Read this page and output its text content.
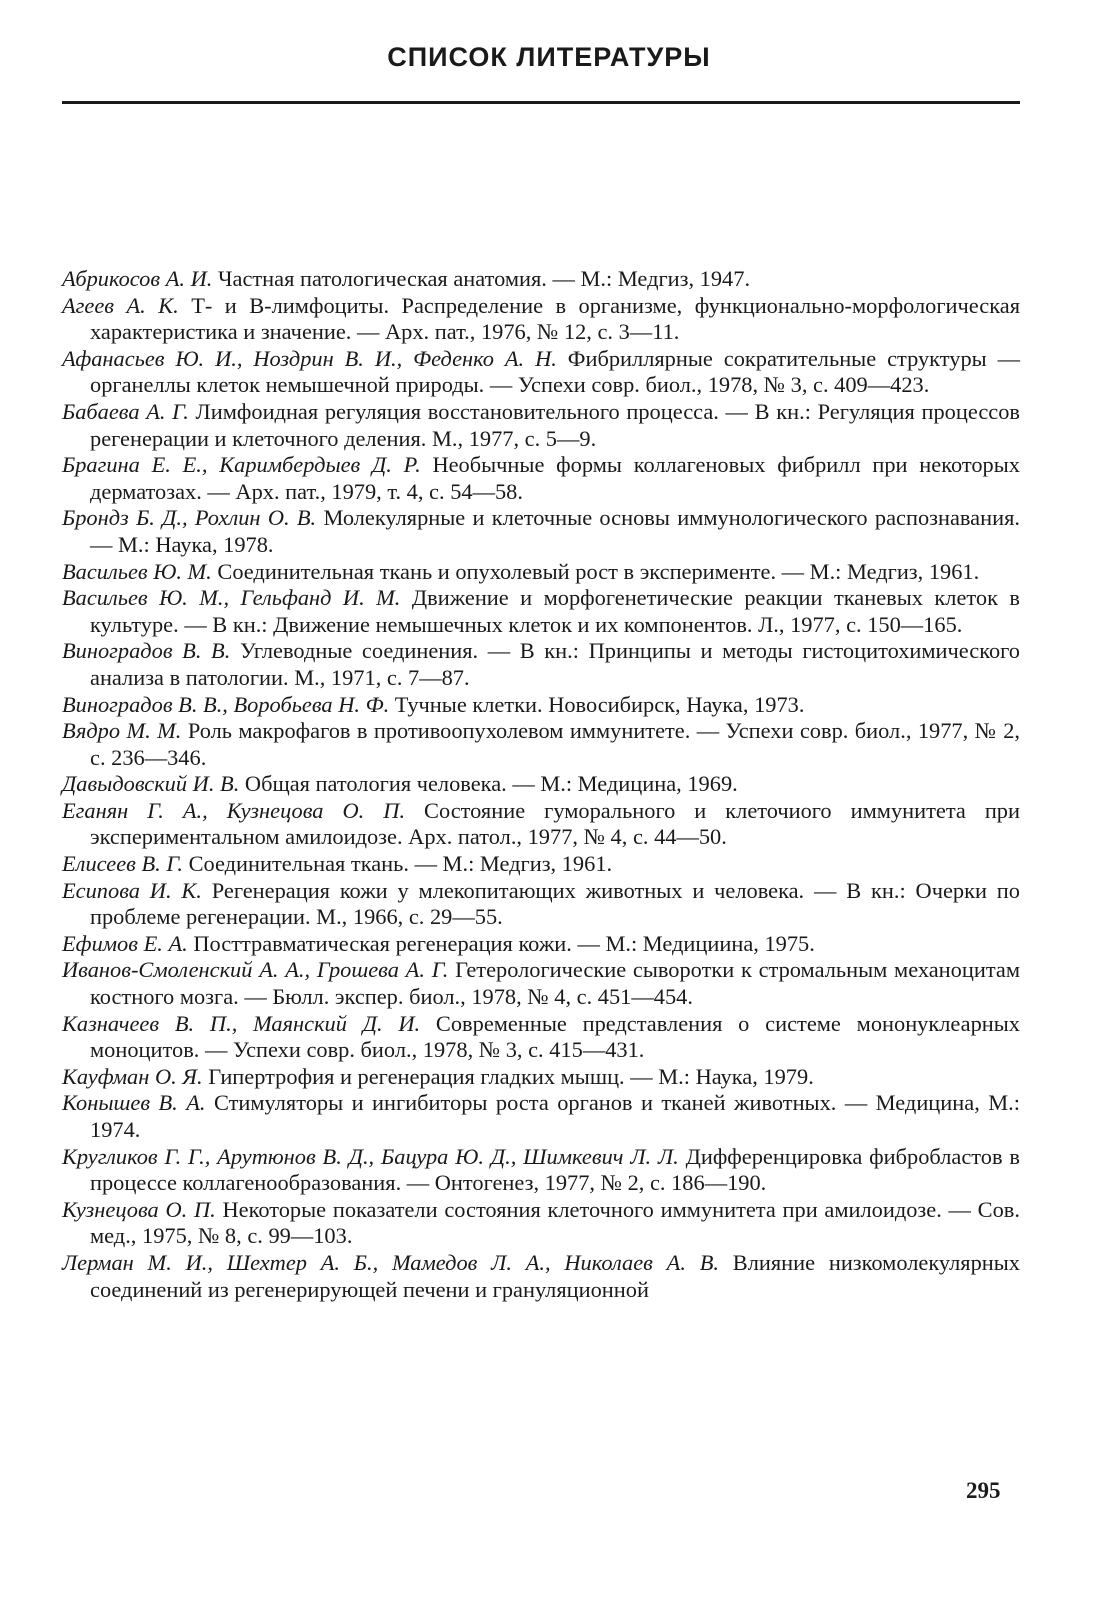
СПИСОК ЛИТЕРАТУРЫ
Абрикосов А. И. Частная патологическая анатомия. — М.: Медгиз, 1947.
Агеев А. К. Т- и В-лимфоциты. Распределение в организме, функционально-морфологическая характеристика и значение. — Арх. пат., 1976, № 12, с. 3—11.
Афанасьев Ю. И., Ноздрин В. И., Феденко А. Н. Фибриллярные сократительные структуры — органеллы клеток немышечной природы. — Успехи совр. биол., 1978, № 3, с. 409—423.
Бабаева А. Г. Лимфоидная регуляция восстановительного процесса. — В кн.: Регуляция процессов регенерации и клеточного деления. М., 1977, с. 5—9.
Брагина Е. Е., Каримбердыев Д. Р. Необычные формы коллагеновых фибрилл при некоторых дерматозах. — Арх. пат., 1979, т. 4, с. 54—58.
Брондз Б. Д., Рохлин О. В. Молекулярные и клеточные основы иммунологического распознавания. — М.: Наука, 1978.
Васильев Ю. М. Соединительная ткань и опухолевый рост в эксперименте. — М.: Медгиз, 1961.
Васильев Ю. М., Гельфанд И. М. Движение и морфогенетические реакции тканевых клеток в культуре. — В кн.: Движение немышечных клеток и их компонентов. Л., 1977, с. 150—165.
Виноградов В. В. Углеводные соединения. — В кн.: Принципы и методы гистоцитохимического анализа в патологии. М., 1971, с. 7—87.
Виноградов В. В., Воробьева Н. Ф. Тучные клетки. Новосибирск, Наука, 1973.
Вядро М. М. Роль макрофагов в противоопухолевом иммунитете. — Успехи совр. биол., 1977, № 2, с. 236—346.
Давыдовский И. В. Общая патология человека. — М.: Медицина, 1969.
Еганян Г. А., Кузнецова О. П. Состояние гуморального и клеточиого иммунитета при экспериментальном амилоидозе. Арх. патол., 1977, № 4, с. 44—50.
Елисеев В. Г. Соединительная ткань. — М.: Медгиз, 1961.
Есипова И. К. Регенерация кожи у млекопитающих животных и человека. — В кн.: Очерки по проблеме регенерации. М., 1966, с. 29—55.
Ефимов Е. А. Посттравматическая регенерация кожи. — М.: Медициина, 1975.
Иванов-Смоленский А. А., Грошева А. Г. Гетерологические сыворотки к стромальным механоцитам костного мозга. — Бюлл. экспер. биол., 1978, № 4, с. 451—454.
Казначеев В. П., Маянский Д. И. Современные представления о системе мононуклеарных моноцитов. — Успехи совр. биол., 1978, № 3, с. 415—431.
Кауфман О. Я. Гипертрофия и регенерация гладких мышц. — М.: Наука, 1979.
Конышев В. А. Стимуляторы и ингибиторы роста органов и тканей животных. — Медицина, М.: 1974.
Кругликов Г. Г., Арутюнов В. Д., Бацура Ю. Д., Шимкевич Л. Л. Дифференцировка фибробластов в процессе коллагенообразования. — Онтогенез, 1977, № 2, с. 186—190.
Кузнецова О. П. Некоторые показатели состояния клеточного иммунитета при амилоидозе. — Сов. мед., 1975, № 8, с. 99—103.
Лерман М. И., Шехтер А. Б., Мамедов Л. А., Николаев А. В. Влияние низкомолекулярных соединений из регенерирующей печени и грануляционной
295
